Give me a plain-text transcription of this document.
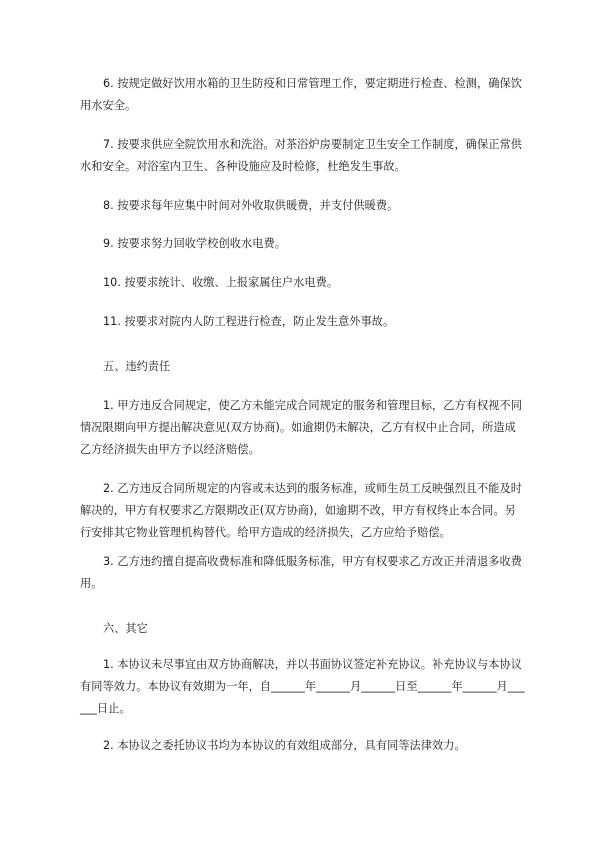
6. 按规定做好饮用水箱的卫生防疫和日常管理工作，要定期进行检查、检测，确保饮用水安全。

7. 按要求供应全院饮用水和洗浴。对茶浴炉房要制定卫生安全工作制度，确保正常供水和安全。对浴室内卫生、各种设施应及时检修，杜绝发生事故。

8. 按要求每年应集中时间对外收取供暖费，并支付供暖费。

9. 按要求努力回收学校创收水电费。

10. 按要求统计、收缴、上报家属住户水电费。

11. 按要求对院内人防工程进行检查，防止发生意外事故。

五、违约责任

1. 甲方违反合同规定，使乙方未能完成合同规定的服务和管理目标，乙方有权视不同情况限期向甲方提出解决意见(双方协商)。如逾期仍未解决，乙方有权中止合同，所造成乙方经济损失由甲方予以经济赔偿。

2. 乙方违反合同所规定的内容或未达到的服务标准，或师生员工反映强烈且不能及时解决的，甲方有权要求乙方限期改正(双方协商)，如逾期不改，甲方有权终止本合同。另行安排其它物业管理机构替代。给甲方造成的经济损失，乙方应给予赔偿。

3. 乙方违约擅自提高收费标准和降低服务标准，甲方有权要求乙方改正并清退多收费用。

六、其它

1. 本协议未尽事宜由双方协商解决，并以书面协议签定补充协议。补充协议与本协议有同等效力。本协议有效期为一年，自______年______月______日至______年______月______日止。

2. 本协议之委托协议书均为本协议的有效组成部分，具有同等法律效力。
